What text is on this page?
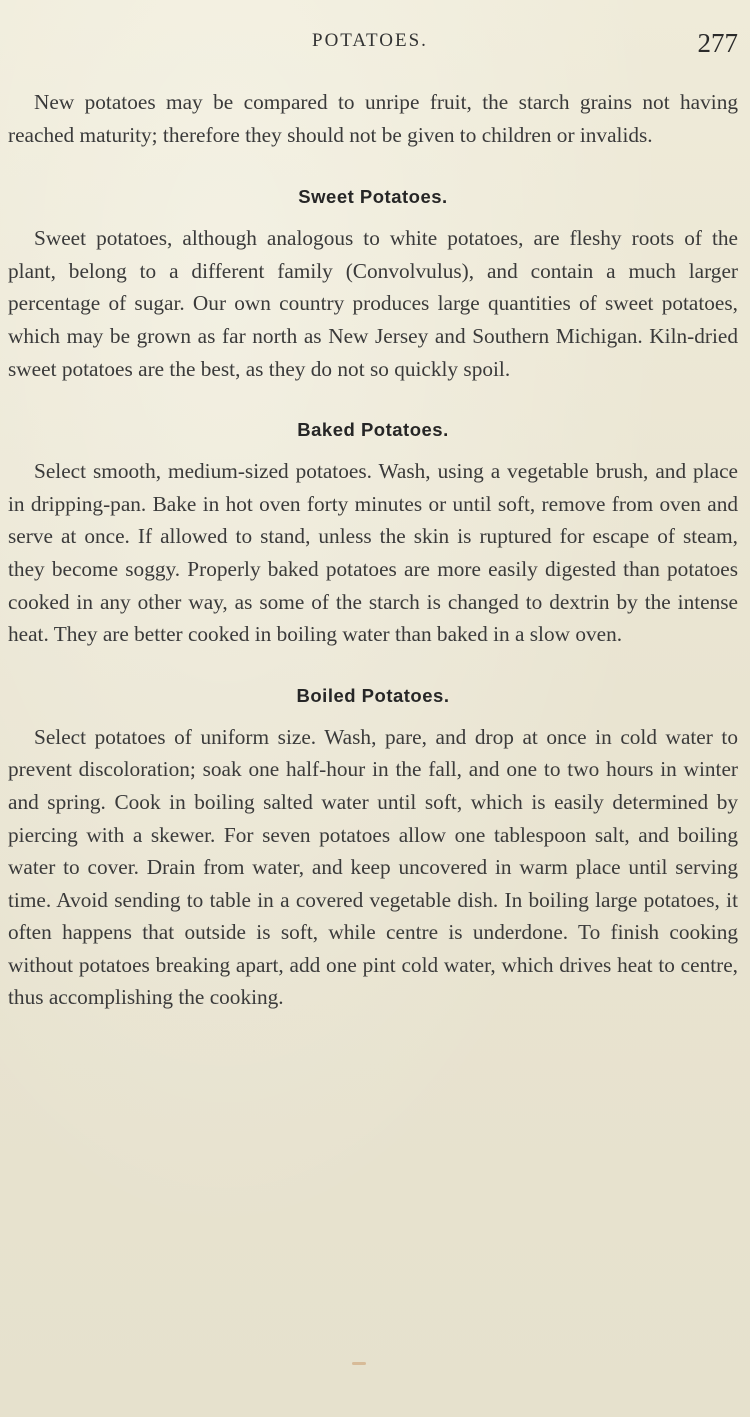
POTATOES.	277

New potatoes may be compared to unripe fruit, the starch grains not having reached maturity; therefore they should not be given to children or invalids.

Sweet Potatoes.

Sweet potatoes, although analogous to white potatoes, are fleshy roots of the plant, belong to a different family (Convolvulus), and contain a much larger percentage of sugar. Our own country produces large quantities of sweet potatoes, which may be grown as far north as New Jersey and Southern Michigan. Kiln-dried sweet potatoes are the best, as they do not so quickly spoil.

Baked Potatoes.

Select smooth, medium-sized potatoes. Wash, using a vegetable brush, and place in dripping-pan. Bake in hot oven forty minutes or until soft, remove from oven and serve at once. If allowed to stand, unless the skin is ruptured for escape of steam, they become soggy. Properly baked potatoes are more easily digested than potatoes cooked in any other way, as some of the starch is changed to dextrin by the intense heat. They are better cooked in boiling water than baked in a slow oven.

Boiled Potatoes.

Select potatoes of uniform size. Wash, pare, and drop at once in cold water to prevent discoloration; soak one half-hour in the fall, and one to two hours in winter and spring. Cook in boiling salted water until soft, which is easily determined by piercing with a skewer. For seven potatoes allow one tablespoon salt, and boiling water to cover. Drain from water, and keep uncovered in warm place until serving time. Avoid sending to table in a covered vegetable dish. In boiling large potatoes, it often happens that outside is soft, while centre is underdone. To finish cooking without potatoes breaking apart, add one pint cold water, which drives heat to centre, thus accomplishing the cooking.
